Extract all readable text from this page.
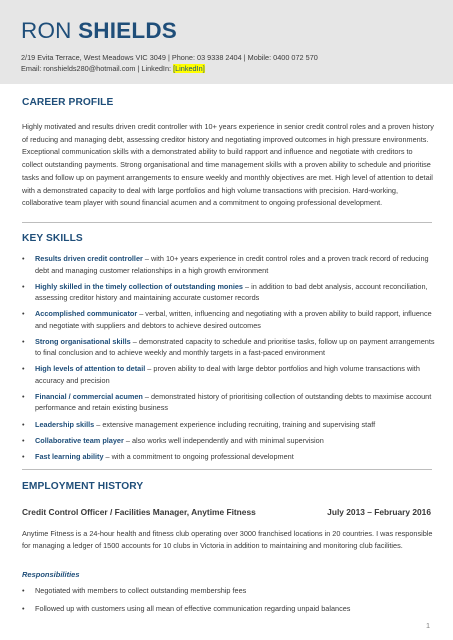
RON SHIELDS
2/19 Evita Terrace, West Meadows VIC 3049 | Phone: 03 9338 2404 | Mobile: 0400 072 570
Email: ronshields280@hotmail.com | LinkedIn: [LinkedIn]
CAREER PROFILE

Highly motivated and results driven credit controller with 10+ years experience in senior credit control roles and a proven history of reducing and managing debt, assessing creditor history and negotiating improved outcomes in high pressure environments. Exceptional communication skills with a demonstrated ability to build rapport and influence and negotiate with creditors to collect outstanding payments. Strong organisational and time management skills with a proven ability to schedule and prioritise tasks and follow up on payment arrangements to ensure weekly and monthly objectives are met. High level of attention to detail with a demonstrated capacity to deal with large portfolios and high volume transactions with precision. Hard-working, collaborative team player with sound financial acumen and a commitment to ongoing professional development.

KEY SKILLS
• Results driven credit controller – with 10+ years experience in credit control roles and a proven track record of reducing debt and managing customer relationships in a high growth environment
• Highly skilled in the timely collection of outstanding monies – in addition to bad debt analysis, account reconciliation, assessing creditor history and maintaining accurate customer records
• Accomplished communicator – verbal, written, influencing and negotiating with a proven ability to build rapport, influence and negotiate with suppliers and debtors to achieve desired outcomes
• Strong organisational skills – demonstrated capacity to schedule and prioritise tasks, follow up on payment arrangements to final conclusion and to achieve weekly and monthly targets in a fast-paced environment
• High levels of attention to detail – proven ability to deal with large debtor portfolios and high volume transactions with accuracy and precision
• Financial / commercial acumen – demonstrated history of prioritising collection of outstanding debts to maximise account performance and retain existing business
• Leadership skills – extensive management experience including recruiting, training and supervising staff
• Collaborative team player – also works well independently and with minimal supervision
• Fast learning ability – with a commitment to ongoing professional development
EMPLOYMENT HISTORY
Credit Control Officer / Facilities Manager, Anytime Fitness	July 2013 – February 2016

Anytime Fitness is a 24-hour health and fitness club operating over 3000 franchised locations in 20 countries. I was responsible for managing a ledger of 1500 accounts for 10 clubs in Victoria in addition to maintaining and monitoring club facilities.

Responsibilities
• Negotiated with members to collect outstanding membership fees
• Followed up with customers using all mean of effective communication regarding unpaid balances
1
